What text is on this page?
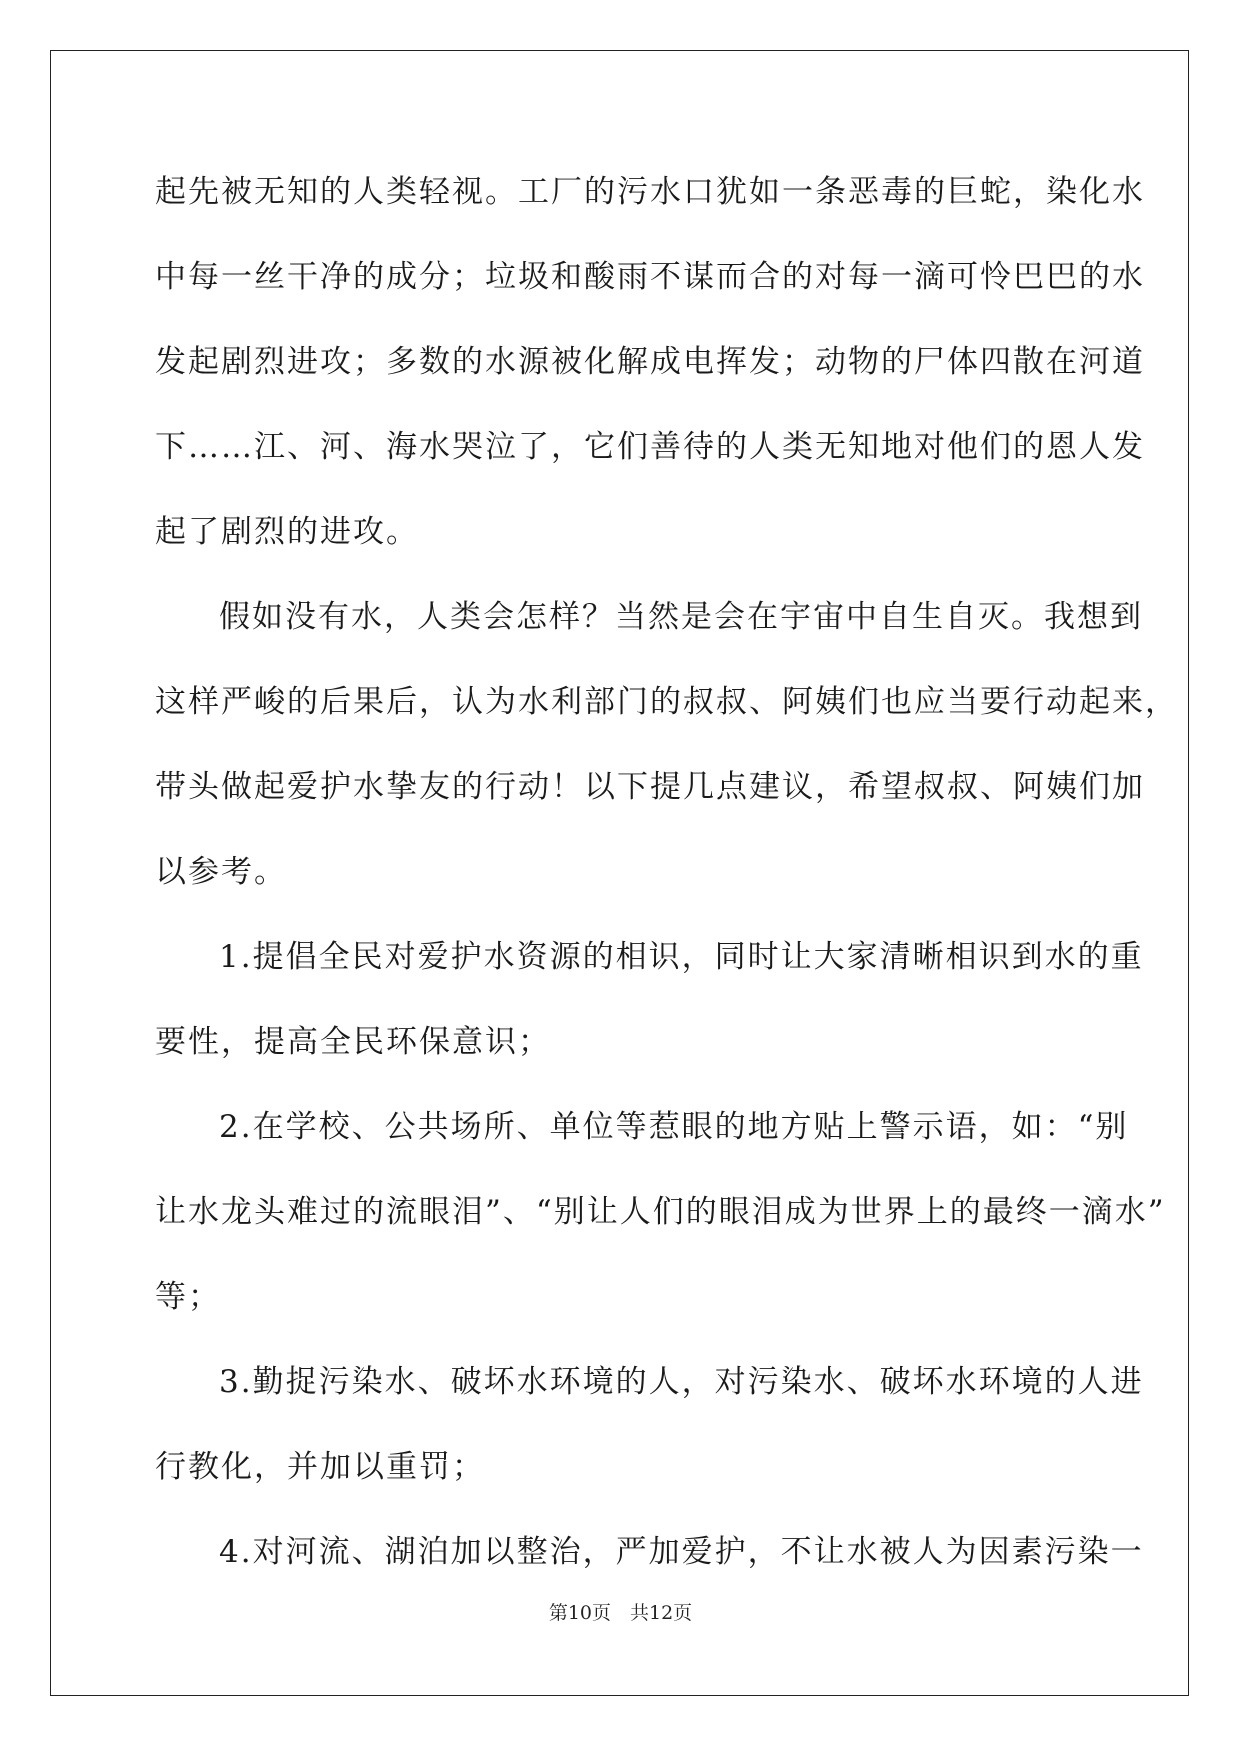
起先被无知的人类轻视。工厂的污水口犹如一条恶毒的巨蛇，染化水
中每一丝干净的成分；垃圾和酸雨不谋而合的对每一滴可怜巴巴的水
发起剧烈进攻；多数的水源被化解成电挥发；动物的尸体四散在河道
下……江、河、海水哭泣了，它们善待的人类无知地对他们的恩人发
起了剧烈的进攻。
假如没有水，人类会怎样？当然是会在宇宙中自生自灭。我想到
这样严峻的后果后，认为水利部门的叔叔、阿姨们也应当要行动起来，
带头做起爱护水挚友的行动！以下提几点建议，希望叔叔、阿姨们加
以参考。
1.提倡全民对爱护水资源的相识，同时让大家清晰相识到水的重
要性，提高全民环保意识；
2.在学校、公共场所、单位等惹眼的地方贴上警示语，如：“别
让水龙头难过的流眼泪”、“别让人们的眼泪成为世界上的最终一滴水”
等；
3.勤捉污染水、破坏水环境的人，对污染水、破坏水环境的人进
行教化，并加以重罚；
4.对河流、湖泊加以整治，严加爱护，不让水被人为因素污染一
第10页　共12页
